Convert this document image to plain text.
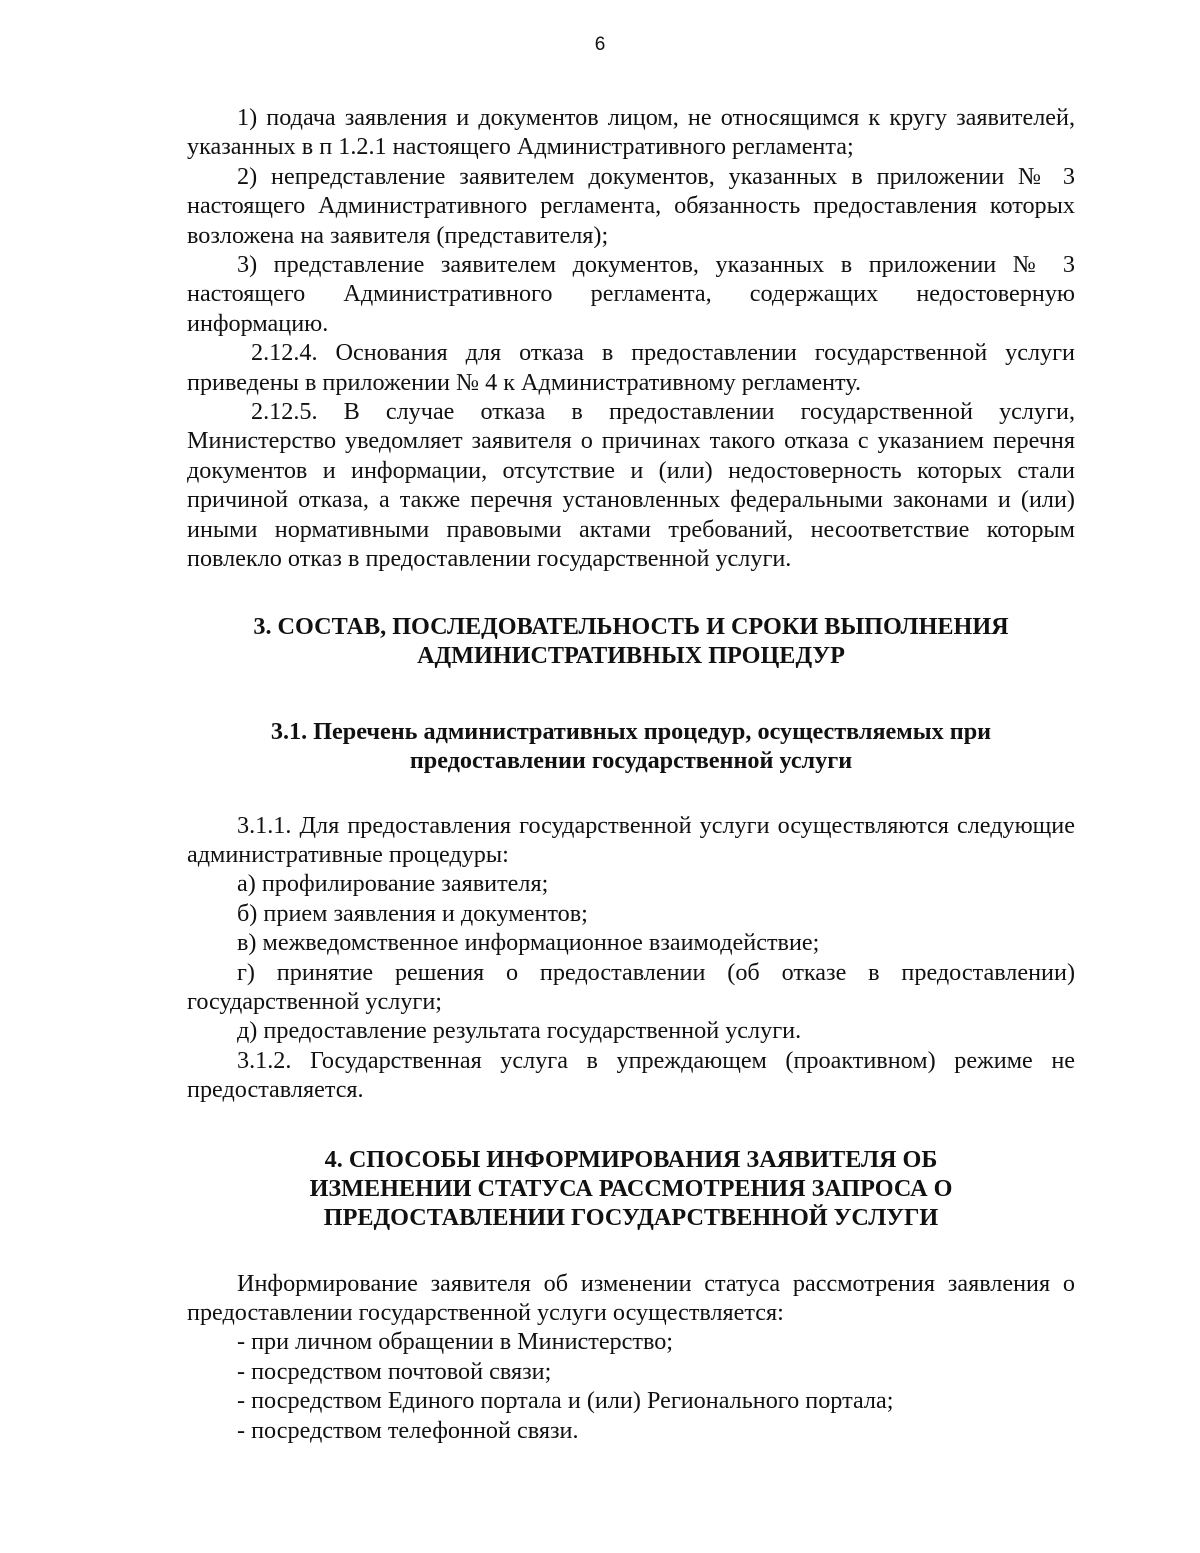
6

1) подача заявления и документов лицом, не относящимся к кругу заявителей, указанных в п 1.2.1 настоящего Административного регламента;

2) непредставление заявителем документов, указанных в приложении № 3 настоящего Административного регламента, обязанность предоставления которых возложена на заявителя (представителя);

3) представление заявителем документов, указанных в приложении № 3 настоящего Административного регламента, содержащих недостоверную информацию.

2.12.4. Основания для отказа в предоставлении государственной услуги приведены в приложении № 4 к Административному регламенту.

2.12.5. В случае отказа в предоставлении государственной услуги, Министерство уведомляет заявителя о причинах такого отказа с указанием перечня документов и информации, отсутствие и (или) недостоверность которых стали причиной отказа, а также перечня установленных федеральными законами и (или) иными нормативными правовыми актами требований, несоответствие которым повлекло отказ в предоставлении государственной услуги.

3. СОСТАВ, ПОСЛЕДОВАТЕЛЬНОСТЬ И СРОКИ ВЫПОЛНЕНИЯ
АДМИНИСТРАТИВНЫХ ПРОЦЕДУР
3.1. Перечень административных процедур, осуществляемых при
предоставлении государственной услуги

3.1.1. Для предоставления государственной услуги осуществляются следующие административные процедуры:

а) профилирование заявителя;

б) прием заявления и документов;

в) межведомственное информационное взаимодействие;

г) принятие решения о предоставлении (об отказе в предоставлении) государственной услуги;

д) предоставление результата государственной услуги.

3.1.2. Государственная услуга в упреждающем (проактивном) режиме не предоставляется.

4. СПОСОБЫ ИНФОРМИРОВАНИЯ ЗАЯВИТЕЛЯ ОБ
ИЗМЕНЕНИИ СТАТУСА РАССМОТРЕНИЯ ЗАПРОСА О
ПРЕДОСТАВЛЕНИИ ГОСУДАРСТВЕННОЙ УСЛУГИ

Информирование заявителя об изменении статуса рассмотрения заявления о предоставлении государственной услуги осуществляется:

- при личном обращении в Министерство;

- посредством почтовой связи;

- посредством Единого портала и (или) Регионального портала;

- посредством телефонной связи.
